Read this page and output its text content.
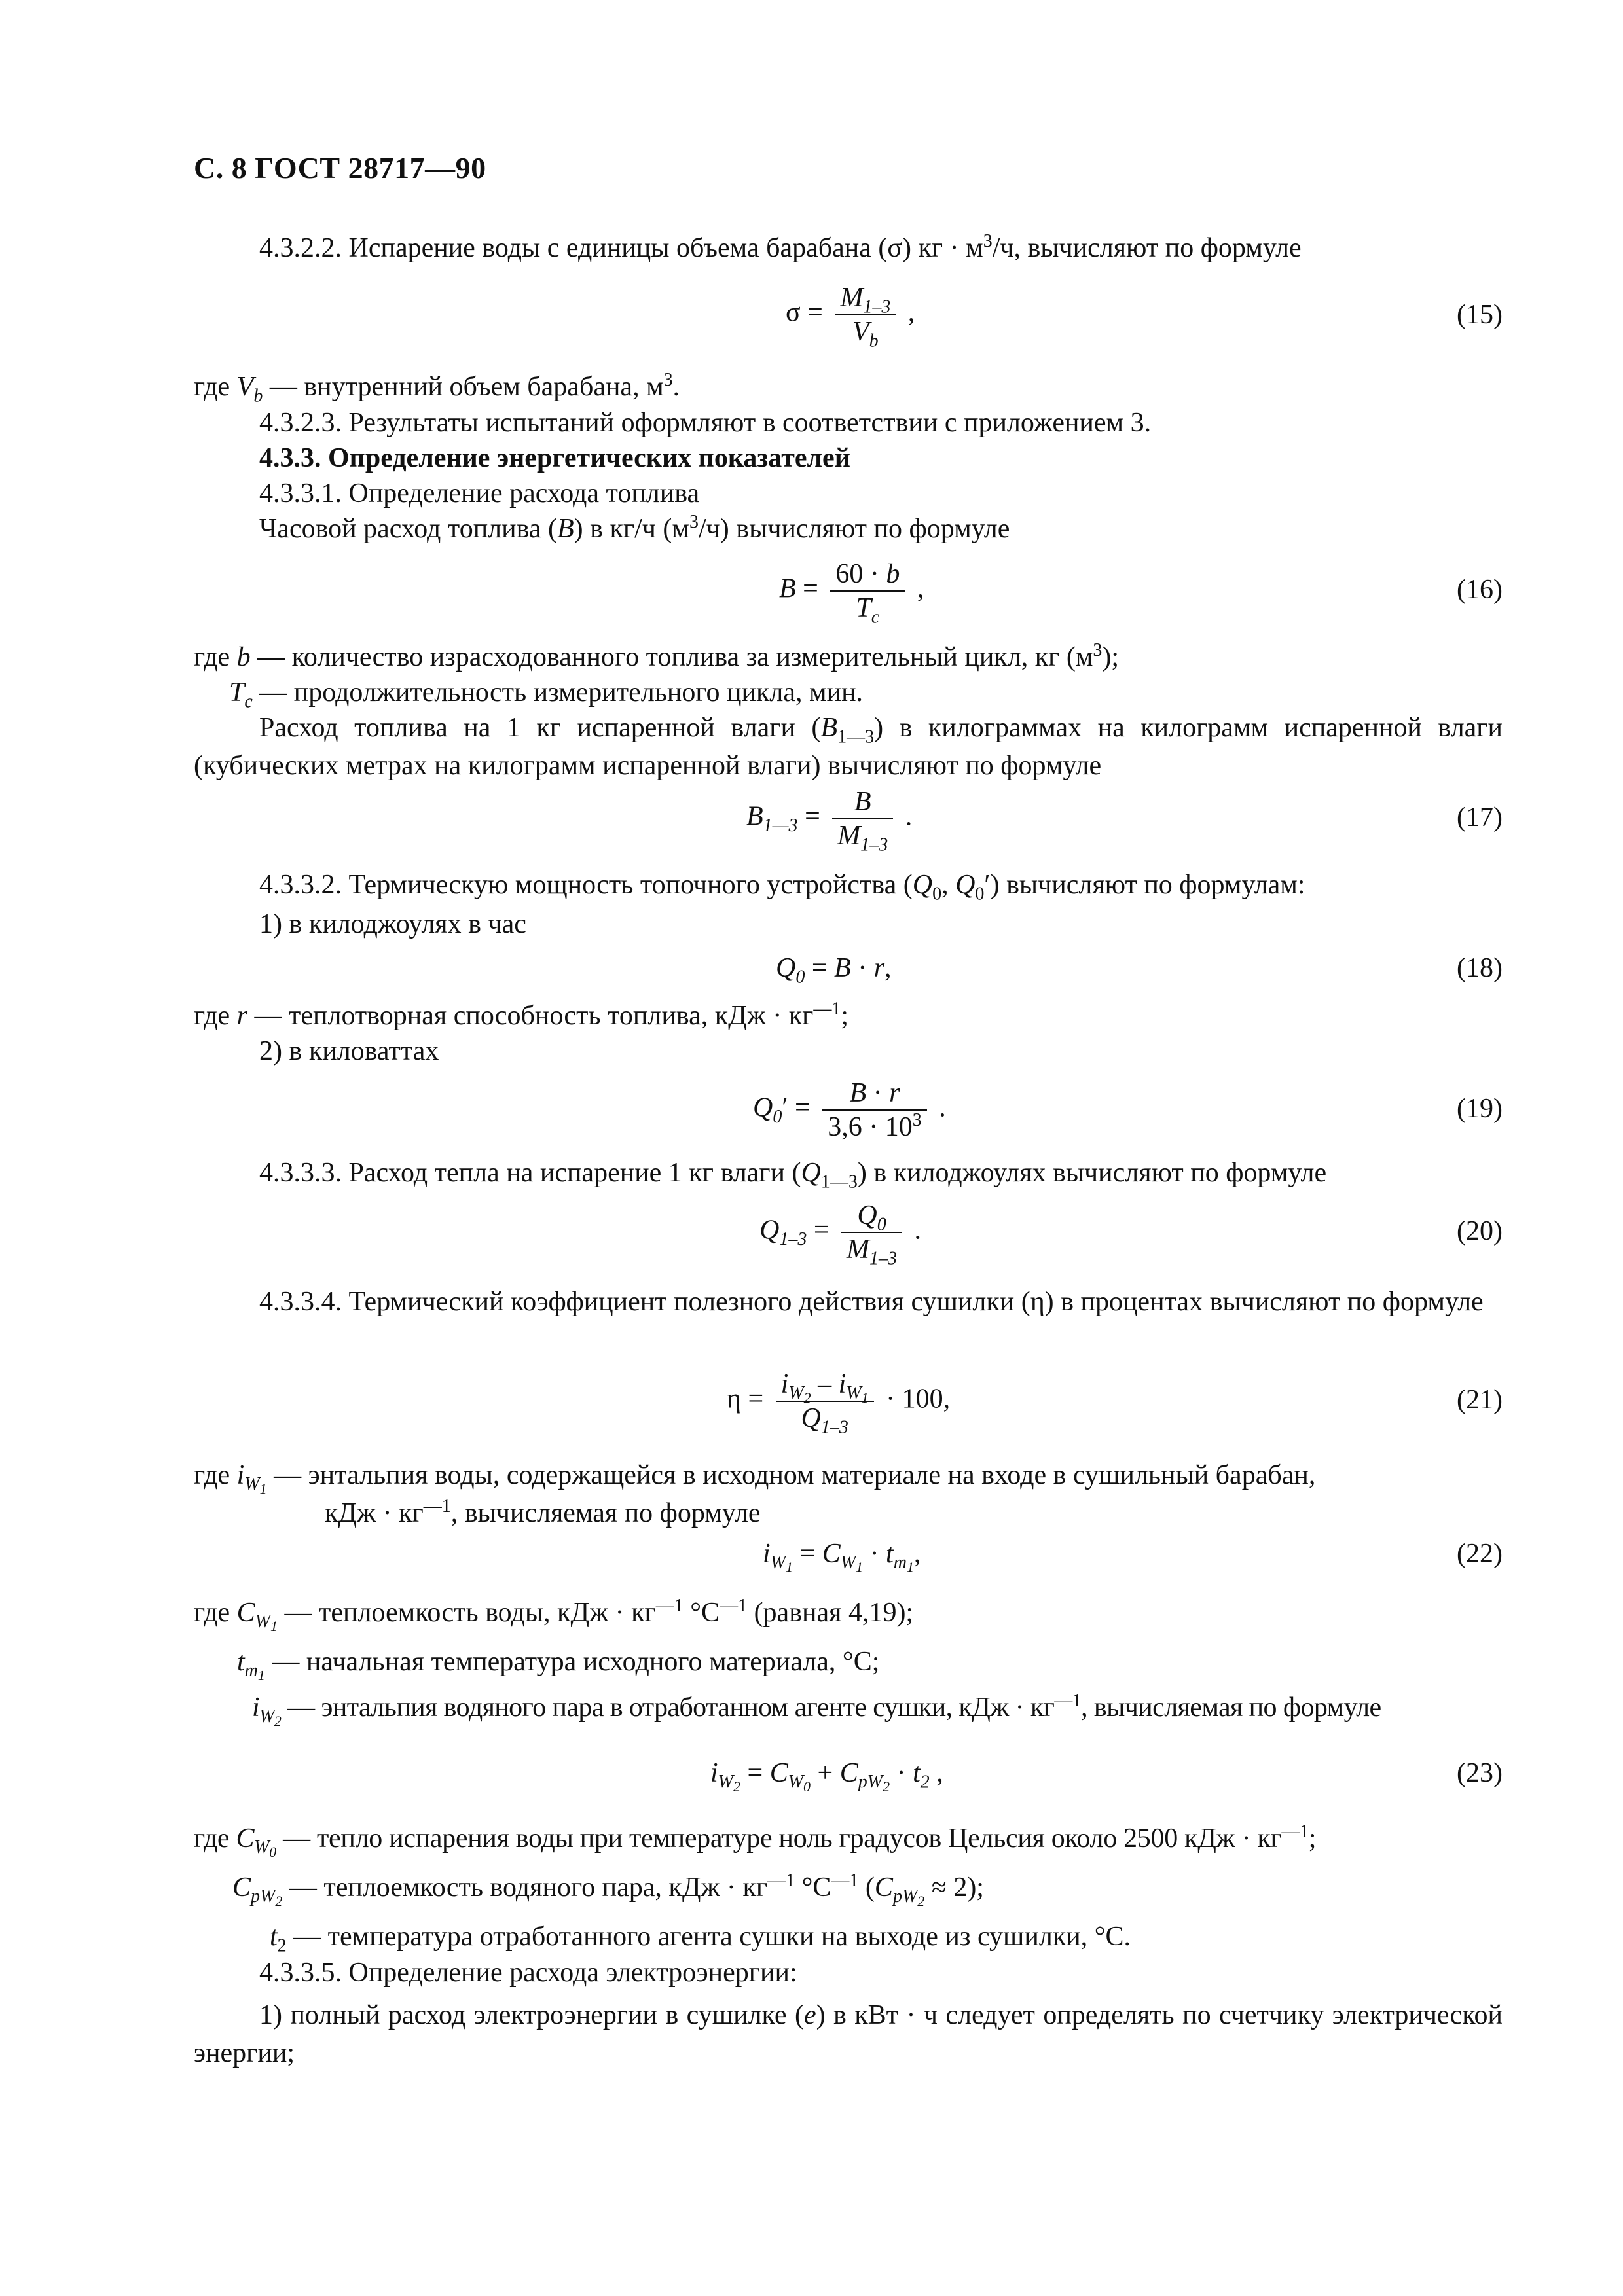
С. 8 ГОСТ 28717—90
4.3.2.2. Испарение воды с единицы объема барабана (σ) кг · $м^3/ч$, вычисляют по формуле
$\sigma = \frac{M_{1-3}}{V_b}$ ,	(15)
где $V_b$ — внутренний объем барабана, $м^3$.
4.3.2.3. Результаты испытаний оформляют в соответствии с приложением 3.
4.3.3. Определение энергетических показателей
4.3.3.1. Определение расхода топлива
Часовой расход топлива (B) в кг/ч $(м^3/ч)$ вычисляют по формуле
$B = \frac{60 \cdot b}{T_c}$ ,	(16)
где b — количество израсходованного топлива за измерительный цикл, кг $(м^3)$;
$T_c$ — продолжительность измерительного цикла, мин.
Расход топлива на 1 кг испаренной влаги $(B_{1—3})$ в килограммах на килограмм испаренной влаги (кубических метрах на килограмм испаренной влаги) вычисляют по формуле
$B_{1—3} = \frac{B}{M_{1-3}}$ .	(17)
4.3.3.2. Термическую мощность топочного устройства ($Q_0$, $Q_0'$) вычисляют по формулам:
1) в килоджоулях в час
$Q_0 = B \cdot r$,	(18)
где r — теплотворная способность топлива, кДж · $кг^{—1}$;
2) в киловаттах
$Q_0' = \frac{B \cdot r}{3,6 \cdot 10^3}$ .	(19)
4.3.3.3. Расход тепла на испарение 1 кг влаги $(Q_{1—3})$ в килоджоулях вычисляют по формуле
$Q_{1-3} = \frac{Q_0}{M_{1-3}}$ .	(20)
4.3.3.4. Термический коэффициент полезного действия сушилки (η) в процентах вычисляют по формуле
$\eta = \frac{i_{W_2} - i_{W_1}}{Q_{1-3}} \cdot 100$,	(21)
где $i_{W_1}$ — энтальпия воды, содержащейся в исходном материале на входе в сушильный барабан,
кДж · $кг^{—1}$, вычисляемая по формуле
$i_{W_1} = C_{W_1} \cdot t_{m_1}$,	(22)
где $C_{W_1}$ — теплоемкость воды, кДж · $кг^{—1}$ $^\circ С^{—1}$ (равная 4,19);
$t_{m_1}$ — начальная температура исходного материала, °С;
$i_{W_2}$ — энтальпия водяного пара в отработанном агенте сушки, кДж · $кг^{—1}$, вычисляемая по формуле
$i_{W_2} = C_{W_0} + C_{pW_2} \cdot t_2$ ,	(23)
где $C_{W_0}$ — тепло испарения воды при температуре ноль градусов Цельсия около 2500 кДж · $кг^{—1}$;
$C_{pW_2}$ — теплоемкость водяного пара, кДж · $кг^{—1}$ $^\circ С^{—1}$ $(C_{pW_2} \approx 2)$;
$t_2$ — температура отработанного агента сушки на выходе из сушилки, °С.
4.3.3.5. Определение расхода электроэнергии:
1) полный расход электроэнергии в сушилке (e) в кВт · ч следует определять по счетчику электрической энергии;
